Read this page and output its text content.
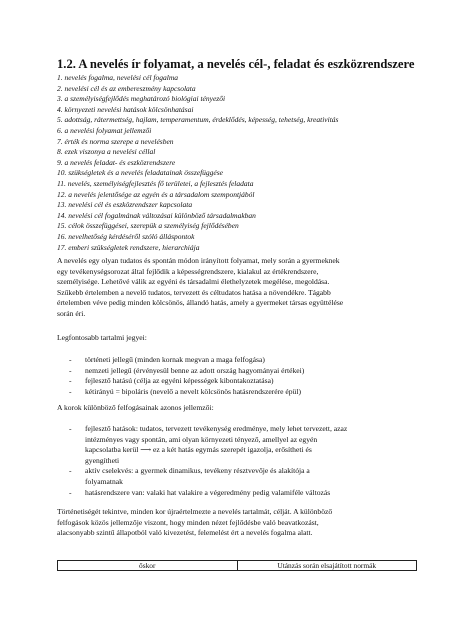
1.2. A nevelés ír folyamat, a nevelés cél-, feladat és eszközrendszere
1. nevelés fogalma, nevelési cél fogalma
2. nevelési cél és az embereszmény kapcsolata
3. a személyiségfejlődés meghatározó biológiai tényezői
4. környezeti nevelési hatások kölcsönhatásai
5. adottság, rátermettség, hajlam, temperamentum, érdeklődés, képesség, tehetség, kreativitás
6. a nevelési folyamat jellemzői
7. érték és norma szerepe a nevelésben
8. ezek viszonya a nevelési céllal
9. a nevelés feladat- és eszközrendszere
10. szükségletek és a nevelés feladatainak összefüggése
11. nevelés, személyiségfejlesztés fő területei, a fejlesztés feladata
12. a nevelés jelentősége az egyén és a társadalom szempontjából
13. nevelési cél és eszközrendszer kapcsolata
14. nevelési cél fogalmának változásai különböző társadalmakban
15. célok összefüggései, szerepük a személyiség fejlődésében
16. nevelhetőség kérdéséről szóló álláspontok
17. emberi szükségletek rendszere, hierarchiája
A nevelés egy olyan tudatos és spontán módon irányított folyamat, mely során a gyermeknek
egy tevékenységsorozat által fejlődik a képességrendszere, kialakul az értékrendszere,
személyisége. Lehetővé válik az egyéni és társadalmi élethelyzetek megélése, megoldása.
Szűkebb értelemben a nevelő tudatos, tervezett és céltudatos hatása a növendékre. Tágabb
értelemben véve pedig minden kölcsönös, állandó hatás, amely a gyermeket társas együttélése
során éri.
Legfontosabb tartalmi jegyei:
- történeti jellegű (minden kornak megvan a maga felfogása)
- nemzeti jellegű (érvényesül benne az adott ország hagyományai értékei)
- fejlesztő hatású (célja az egyéni képességek kibontakoztatása)
- kétirányú = bipoláris (nevelő a nevelt kölcsönös hatásrendszerére épül)
A korok különböző felfogásainak azonos jellemzői:
- fejlesztő hatások: tudatos, tervezett tevékenység eredménye, mely lehet tervezett, azaz
intézményes vagy spontán, ami olyan környezeti tényező, amellyel az egyén
kapcsolatba kerül ⟶ ez a két hatás egymás szerepét igazolja, erősítheti és
gyengítheti
- aktív cselekvés: a gyermek dinamikus, tevékeny résztvevője és alakítója a
folyamatnak
- hatásrendszere van: valaki hat valakire a végeredmény pedig valamiféle változás
Történetiségét tekintve, minden kor újraértelmezte a nevelés tartalmát, célját. A különböző
felfogások közös jellemzője viszont, hogy minden nézet fejlődésbe való beavatkozást,
alacsonyabb szintű állapotból való kivezetést, felemelést ért a nevelés fogalma alatt.
őskor	Utánzás során elsajátított normák
